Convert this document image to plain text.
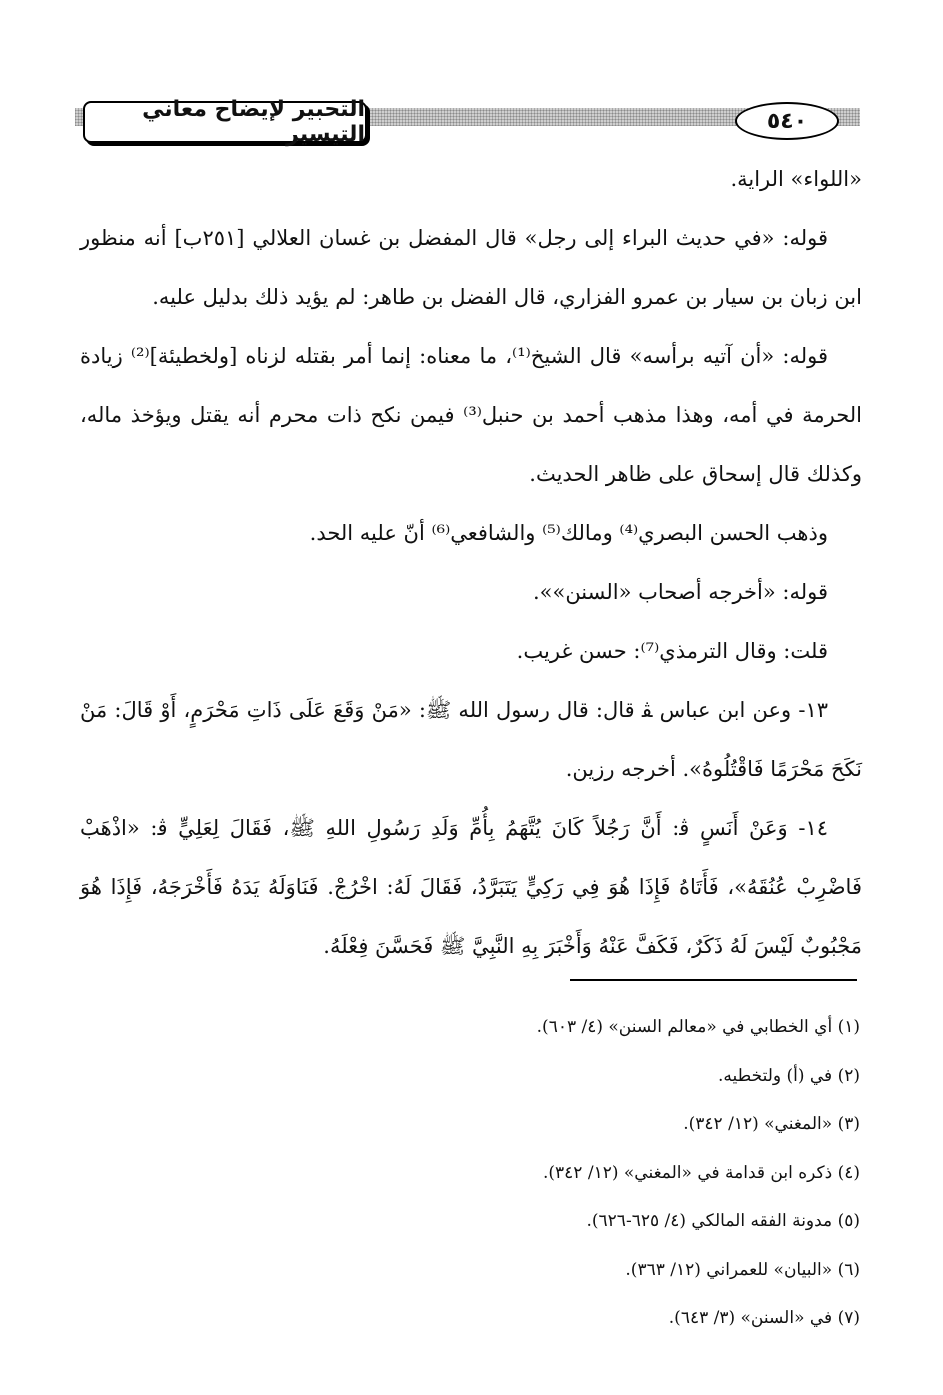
التحبير لإيضاح معاني التيسير
٥٤٠

«اللواء» الراية.

قوله: «في حديث البراء إلى رجل» قال المفضل بن غسان العلالي [٢٥١ب] أنه منظور ابن زبان بن سيار بن عمرو الفزاري، قال الفضل بن طاهر: لم يؤيد ذلك بدليل عليه.

قوله: «أن آتيه برأسه» قال الشيخ⁽¹⁾، ما معناه: إنما أمر بقتله لزناه [ولخطيئة]⁽²⁾ زيادة الحرمة في أمه، وهذا مذهب أحمد بن حنبل⁽³⁾ فيمن نكح ذات محرم أنه يقتل ويؤخذ ماله، وكذلك قال إسحاق على ظاهر الحديث.

وذهب الحسن البصري⁽⁴⁾ ومالك⁽⁵⁾ والشافعي⁽⁶⁾ أنّ عليه الحد.

قوله: «أخرجه أصحاب «السنن»».

قلت: وقال الترمذي⁽⁷⁾: حسن غريب.

١٣- وعن ابن عباس ﭭ قال: قال رسول الله ﷺ: «مَنْ وَقَعَ عَلَى ذَاتِ مَحْرَمٍ، أَوْ قَالَ: مَنْ نَكَحَ مَحْرَمًا فَاقْتُلُوهُ». أخرجه رزين.

١٤- وَعَنْ أَنَسٍ ﭬ: أَنَّ رَجُلاً كَانَ يُتَّهَمُ بِأُمِّ وَلَدِ رَسُولِ اللهِ ﷺ، فَقَالَ لِعَلِيٍّ ﭬ: «اذْهَبْ فَاضْرِبْ عُنُقَهُ»، فَأَتَاهُ فَإِذَا هُوَ فِي رَكِيٍّ يَتَبَرَّدُ، فَقَالَ لَهُ: اخْرُجْ. فَنَاوَلَهُ يَدَهُ فَأَخْرَجَهُ، فَإِذَا هُوَ مَجْبُوبٌ لَيْسَ لَهُ ذَكَرٌ، فَكَفَّ عَنْهُ وَأَخْبَرَ بِهِ النَّبِيَّ ﷺ فَحَسَّنَ فِعْلَهُ.

(١) أي الخطابي في «معالم السنن» (٤/ ٦٠٣).
(٢) في (أ) ولتخطيه.
(٣) «المغني» (١٢/ ٣٤٢).
(٤) ذكره ابن قدامة في «المغني» (١٢/ ٣٤٢).
(٥) مدونة الفقه المالكي (٤/ ٦٢٥-٦٢٦).
(٦) «البيان» للعمراني (١٢/ ٣٦٣).
(٧) في «السنن» (٣/ ٦٤٣).
